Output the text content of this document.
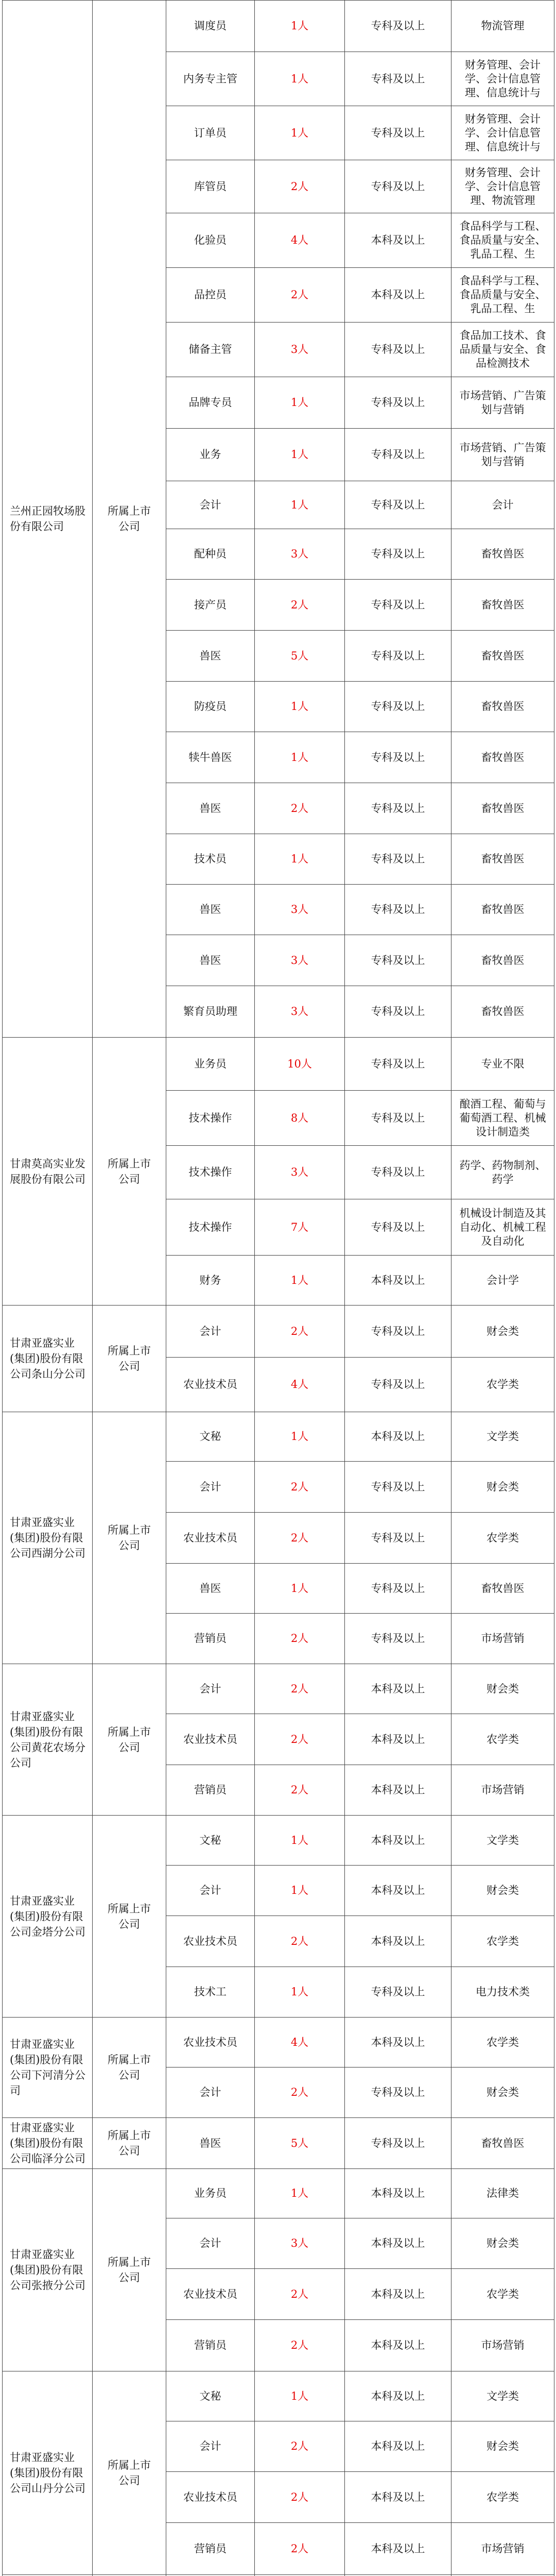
兰州正园牧场股份有限公司	所属上市公司	调度员	1人	专科及以上	物流管理
		内务专主管	1人	专科及以上	财务管理、会计学、会计信息管理、信息统计与
		订单员	1人	专科及以上	财务管理、会计学、会计信息管理、信息统计与
		库管员	2人	专科及以上	财务管理、会计学、会计信息管理、物流管理
		化验员	4人	本科及以上	食品科学与工程、食品质量与安全、乳品工程、生
		品控员	2人	本科及以上	食品科学与工程、食品质量与安全、乳品工程、生
		储备主管	3人	专科及以上	食品加工技术、食品质量与安全、食品检测技术
		品牌专员	1人	专科及以上	市场营销、广告策划与营销
		业务	1人	专科及以上	市场营销、广告策划与营销
		会计	1人	专科及以上	会计
		配种员	3人	专科及以上	畜牧兽医
		接产员	2人	专科及以上	畜牧兽医
		兽医	5人	专科及以上	畜牧兽医
		防疫员	1人	专科及以上	畜牧兽医
		犊牛兽医	1人	专科及以上	畜牧兽医
		兽医	2人	专科及以上	畜牧兽医
		技术员	1人	专科及以上	畜牧兽医
		兽医	3人	专科及以上	畜牧兽医
		兽医	3人	专科及以上	畜牧兽医
		繁育员助理	3人	专科及以上	畜牧兽医
甘肃莫高实业发展股份有限公司	所属上市公司	业务员	10人	专科及以上	专业不限
		技术操作	8人	专科及以上	酿酒工程、葡萄与葡萄酒工程、机械设计制造类
		技术操作	3人	专科及以上	药学、药物制剂、药学
		技术操作	7人	专科及以上	机械设计制造及其自动化、机械工程及自动化
		财务	1人	本科及以上	会计学
甘肃亚盛实业(集团)股份有限公司条山分公司	所属上市公司	会计	2人	专科及以上	财会类
		农业技术员	4人	专科及以上	农学类
甘肃亚盛实业(集团)股份有限公司西湖分公司	所属上市公司	文秘	1人	本科及以上	文学类
		会计	2人	专科及以上	财会类
		农业技术员	2人	专科及以上	农学类
		兽医	1人	专科及以上	畜牧兽医
		营销员	2人	专科及以上	市场营销
甘肃亚盛实业(集团)股份有限公司黄花农场分公司	所属上市公司	会计	2人	本科及以上	财会类
		农业技术员	2人	本科及以上	农学类
		营销员	2人	本科及以上	市场营销
甘肃亚盛实业(集团)股份有限公司金塔分公司	所属上市公司	文秘	1人	本科及以上	文学类
		会计	1人	本科及以上	财会类
		农业技术员	2人	本科及以上	农学类
		技术工	1人	专科及以上	电力技术类
甘肃亚盛实业(集团)股份有限公司下河清分公司	所属上市公司	农业技术员	4人	本科及以上	农学类
		会计	2人	专科及以上	财会类
甘肃亚盛实业(集团)股份有限公司临泽分公司	所属上市公司	兽医	5人	专科及以上	畜牧兽医
甘肃亚盛实业(集团)股份有限公司张掖分公司	所属上市公司	业务员	1人	本科及以上	法律类
		会计	3人	本科及以上	财会类
		农业技术员	2人	本科及以上	农学类
		营销员	2人	本科及以上	市场营销
甘肃亚盛实业(集团)股份有限公司山丹分公司	所属上市公司	文秘	1人	本科及以上	文学类
		会计	2人	本科及以上	财会类
		农业技术员	2人	本科及以上	农学类
		营销员	2人	本科及以上	市场营销
